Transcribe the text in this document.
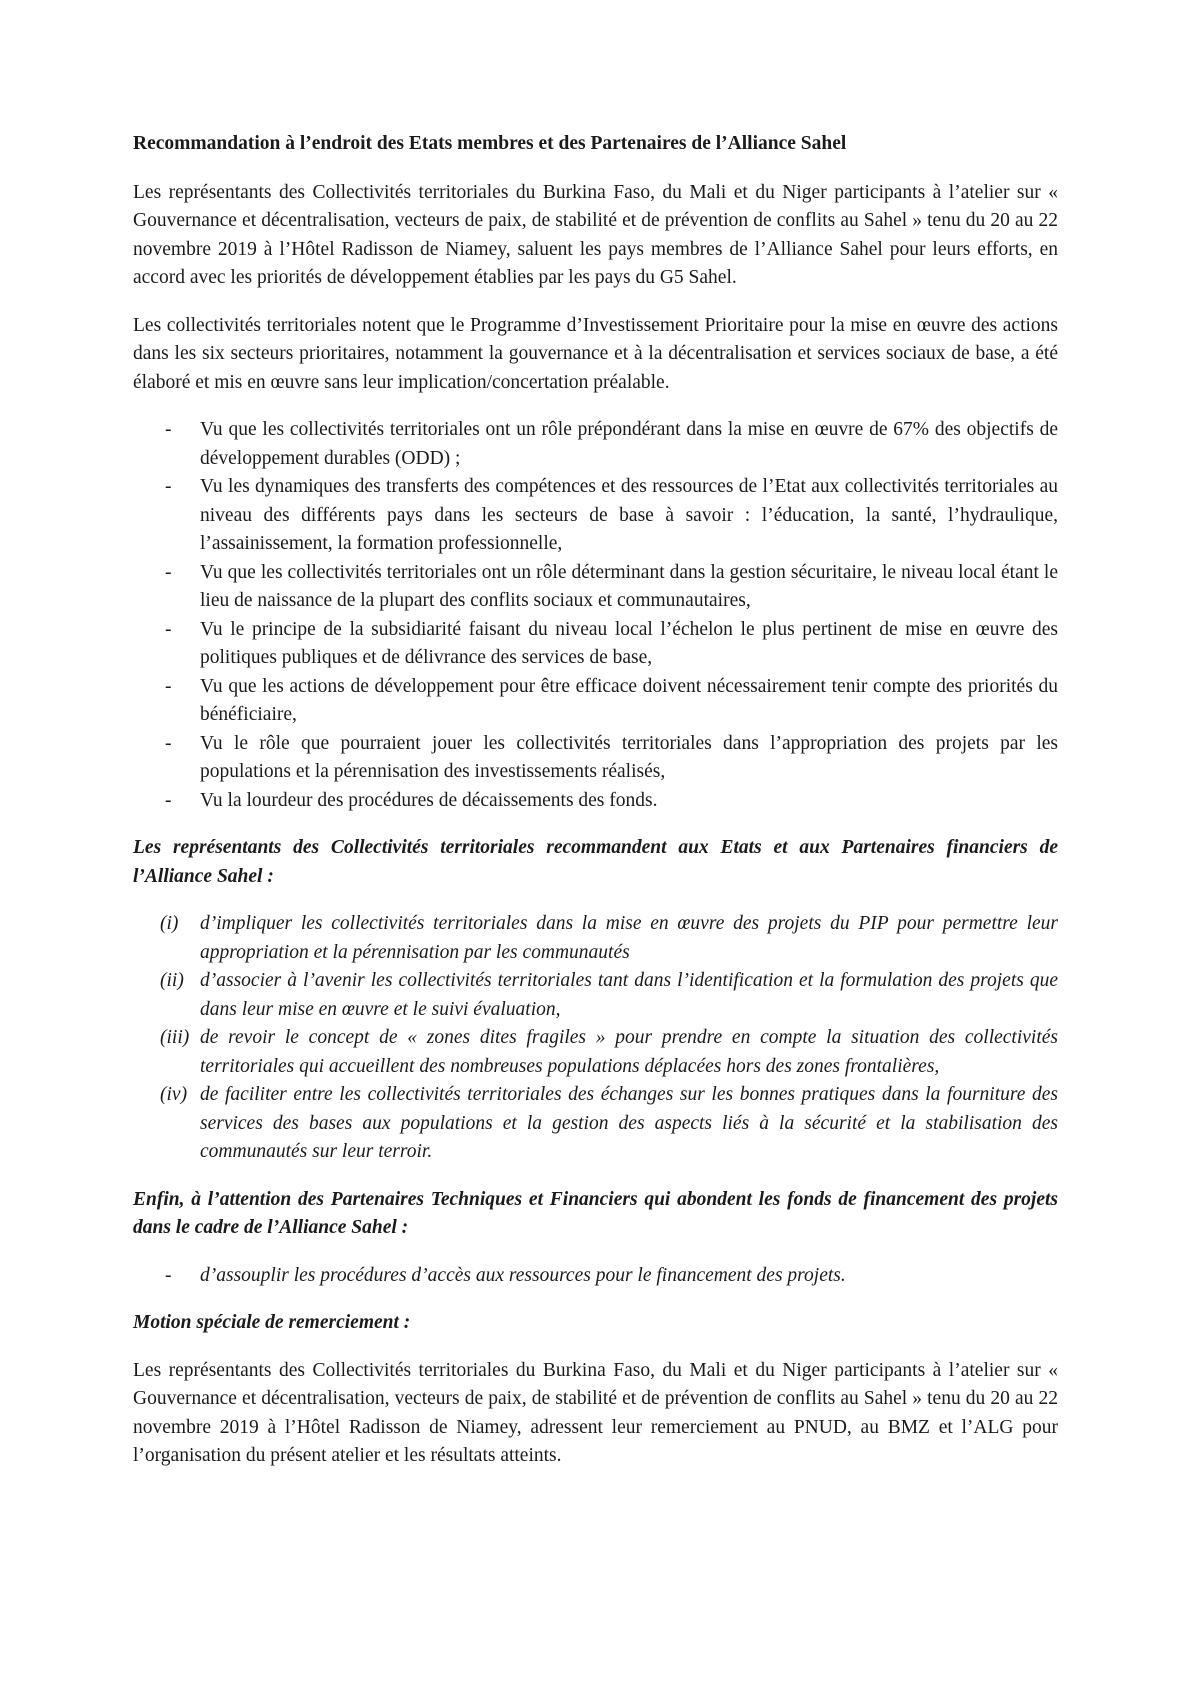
Recommandation à l’endroit des Etats membres et des Partenaires de l’Alliance Sahel

Les représentants des Collectivités territoriales du Burkina Faso, du Mali et du Niger participants à l’atelier sur « Gouvernance et décentralisation, vecteurs de paix, de stabilité et de prévention de conflits au Sahel » tenu du 20 au 22 novembre 2019 à l’Hôtel Radisson de Niamey, saluent les pays membres de l’Alliance Sahel pour leurs efforts, en accord avec les priorités de développement établies par les pays du G5 Sahel.

Les collectivités territoriales notent que le Programme d’Investissement Prioritaire pour la mise en œuvre des actions dans les six secteurs prioritaires, notamment la gouvernance et à la décentralisation et services sociaux de base, a été élaboré et mis en œuvre sans leur implication/concertation préalable.

- Vu que les collectivités territoriales ont un rôle prépondérant dans la mise en œuvre de 67% des objectifs de développement durables (ODD) ;
- Vu les dynamiques des transferts des compétences et des ressources de l’Etat aux collectivités territoriales au niveau des différents pays dans les secteurs de base à savoir : l’éducation, la santé, l’hydraulique, l’assainissement, la formation professionnelle,
- Vu que les collectivités territoriales ont un rôle déterminant dans la gestion sécuritaire, le niveau local étant le lieu de naissance de la plupart des conflits sociaux et communautaires,
- Vu le principe de la subsidiarité faisant du niveau local l’échelon le plus pertinent de mise en œuvre des politiques publiques et de délivrance des services de base,
- Vu que les actions de développement pour être efficace doivent nécessairement tenir compte des priorités du bénéficiaire,
- Vu le rôle que pourraient jouer les collectivités territoriales dans l’appropriation des projets par les populations et la pérennisation des investissements réalisés,
- Vu la lourdeur des procédures de décaissements des fonds.

Les représentants des Collectivités territoriales recommandent aux Etats et aux Partenaires financiers de l’Alliance Sahel :

(i) d’impliquer les collectivités territoriales dans la mise en œuvre des projets du PIP pour permettre leur appropriation et la pérennisation par les communautés
(ii) d’associer à l’avenir les collectivités territoriales tant dans l’identification et la formulation des projets que dans leur mise en œuvre et le suivi évaluation,
(iii) de revoir le concept de « zones dites fragiles » pour prendre en compte la situation des collectivités territoriales qui accueillent des nombreuses populations déplacées hors des zones frontalières,
(iv) de faciliter entre les collectivités territoriales des échanges sur les bonnes pratiques dans la fourniture des services des bases aux populations et la gestion des aspects liés à la sécurité et la stabilisation des communautés sur leur terroir.

Enfin, à l’attention des Partenaires Techniques et Financiers qui abondent les fonds de financement des projets dans le cadre de l’Alliance Sahel :

- d’assouplir les procédures d’accès aux ressources pour le financement des projets.

Motion spéciale de remerciement :

Les représentants des Collectivités territoriales du Burkina Faso, du Mali et du Niger participants à l’atelier sur « Gouvernance et décentralisation, vecteurs de paix, de stabilité et de prévention de conflits au Sahel » tenu du 20 au 22 novembre 2019 à l’Hôtel Radisson de Niamey, adressent leur remerciement au PNUD, au BMZ et l’ALG pour l’organisation du présent atelier et les résultats atteints.
